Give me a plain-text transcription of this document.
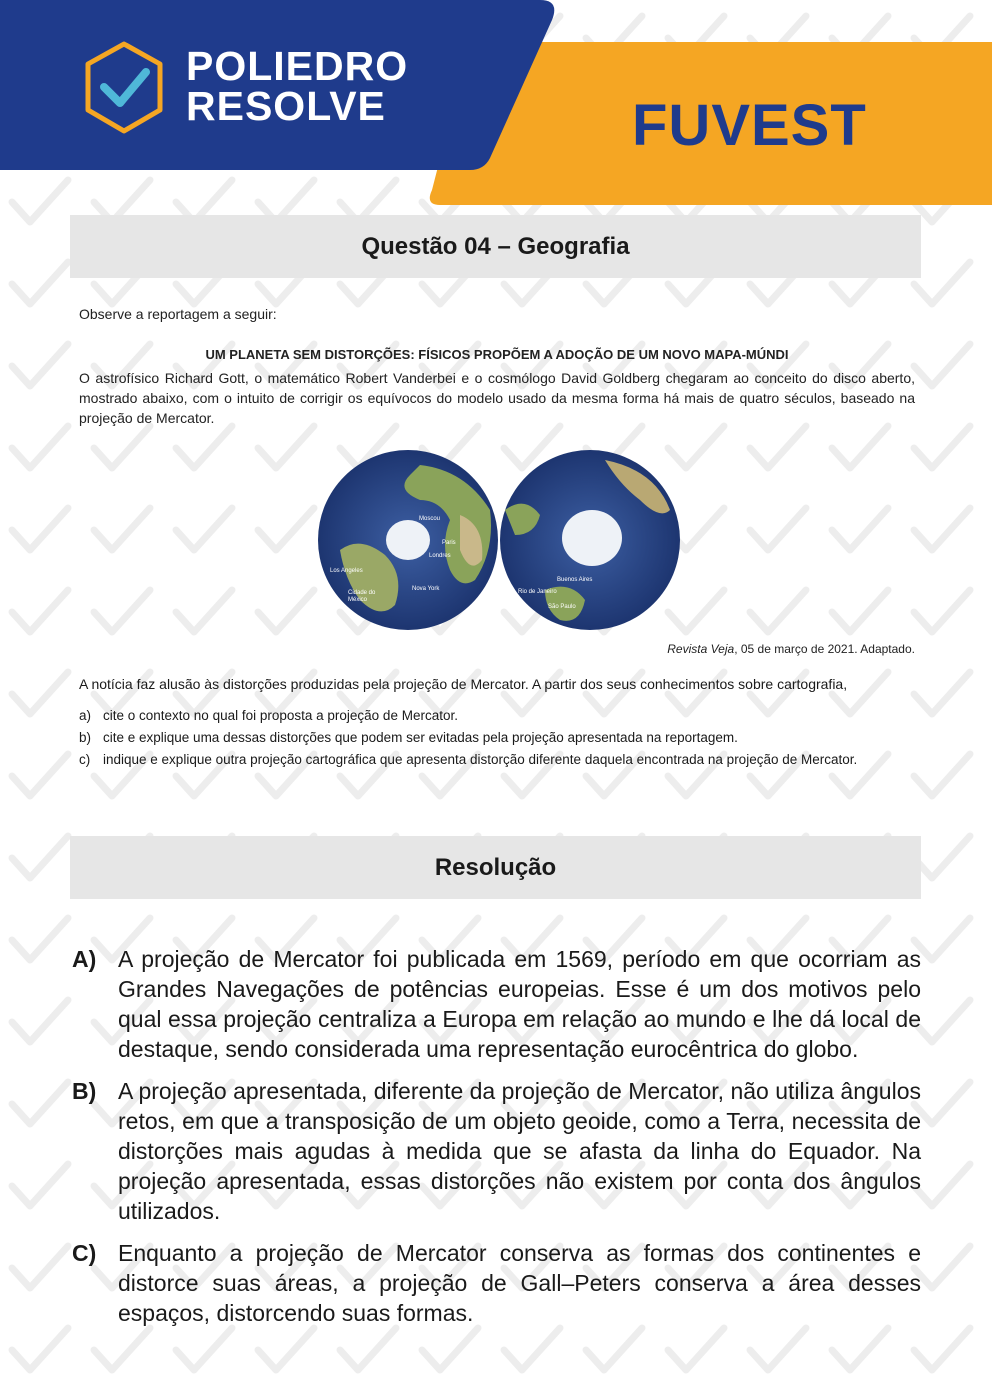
POLIEDRO
RESOLVE	FUVEST
Questão 04 – Geografia

Observe a reportagem a seguir:

UM PLANETA SEM DISTORÇÕES: FÍSICOS PROPÕEM A ADOÇÃO DE UM NOVO MAPA-MÚNDI
O astrofísico Richard Gott, o matemático Robert Vanderbei e o cosmólogo David Goldberg chegaram ao conceito do disco aberto, mostrado abaixo, com o intuito de corrigir os equívocos do modelo usado da mesma forma há mais de quatro séculos, baseado na projeção de Mercator.
Moscou
Paris
Londres
Los Angeles
Cidade do
México
Nova York
Buenos Aires
Rio de Janeiro
São Paulo
Revista Veja, 05 de março de 2021. Adaptado.
A notícia faz alusão às distorções produzidas pela projeção de Mercator. A partir dos seus conhecimentos sobre cartografia,
a) cite o contexto no qual foi proposta a projeção de Mercator.
b) cite e explique uma dessas distorções que podem ser evitadas pela projeção apresentada na reportagem.
c) indique e explique outra projeção cartográfica que apresenta distorção diferente daquela encontrada na projeção de Mercator.
Resolução
A) A projeção de Mercator foi publicada em 1569, período em que ocorriam as Grandes Navegações de potências europeias. Esse é um dos motivos pelo qual essa projeção centraliza a Europa em relação ao mundo e lhe dá local de destaque, sendo considerada uma representação eurocêntrica do globo.
B) A projeção apresentada, diferente da projeção de Mercator, não utiliza ângulos retos, em que a transposição de um objeto geoide, como a Terra, necessita de distorções mais agudas à medida que se afasta da linha do Equador. Na projeção apresentada, essas distorções não existem por conta dos ângulos utilizados.
C) Enquanto a projeção de Mercator conserva as formas dos continentes e distorce suas áreas, a projeção de Gall–Peters conserva a área desses espaços, distorcendo suas formas.
